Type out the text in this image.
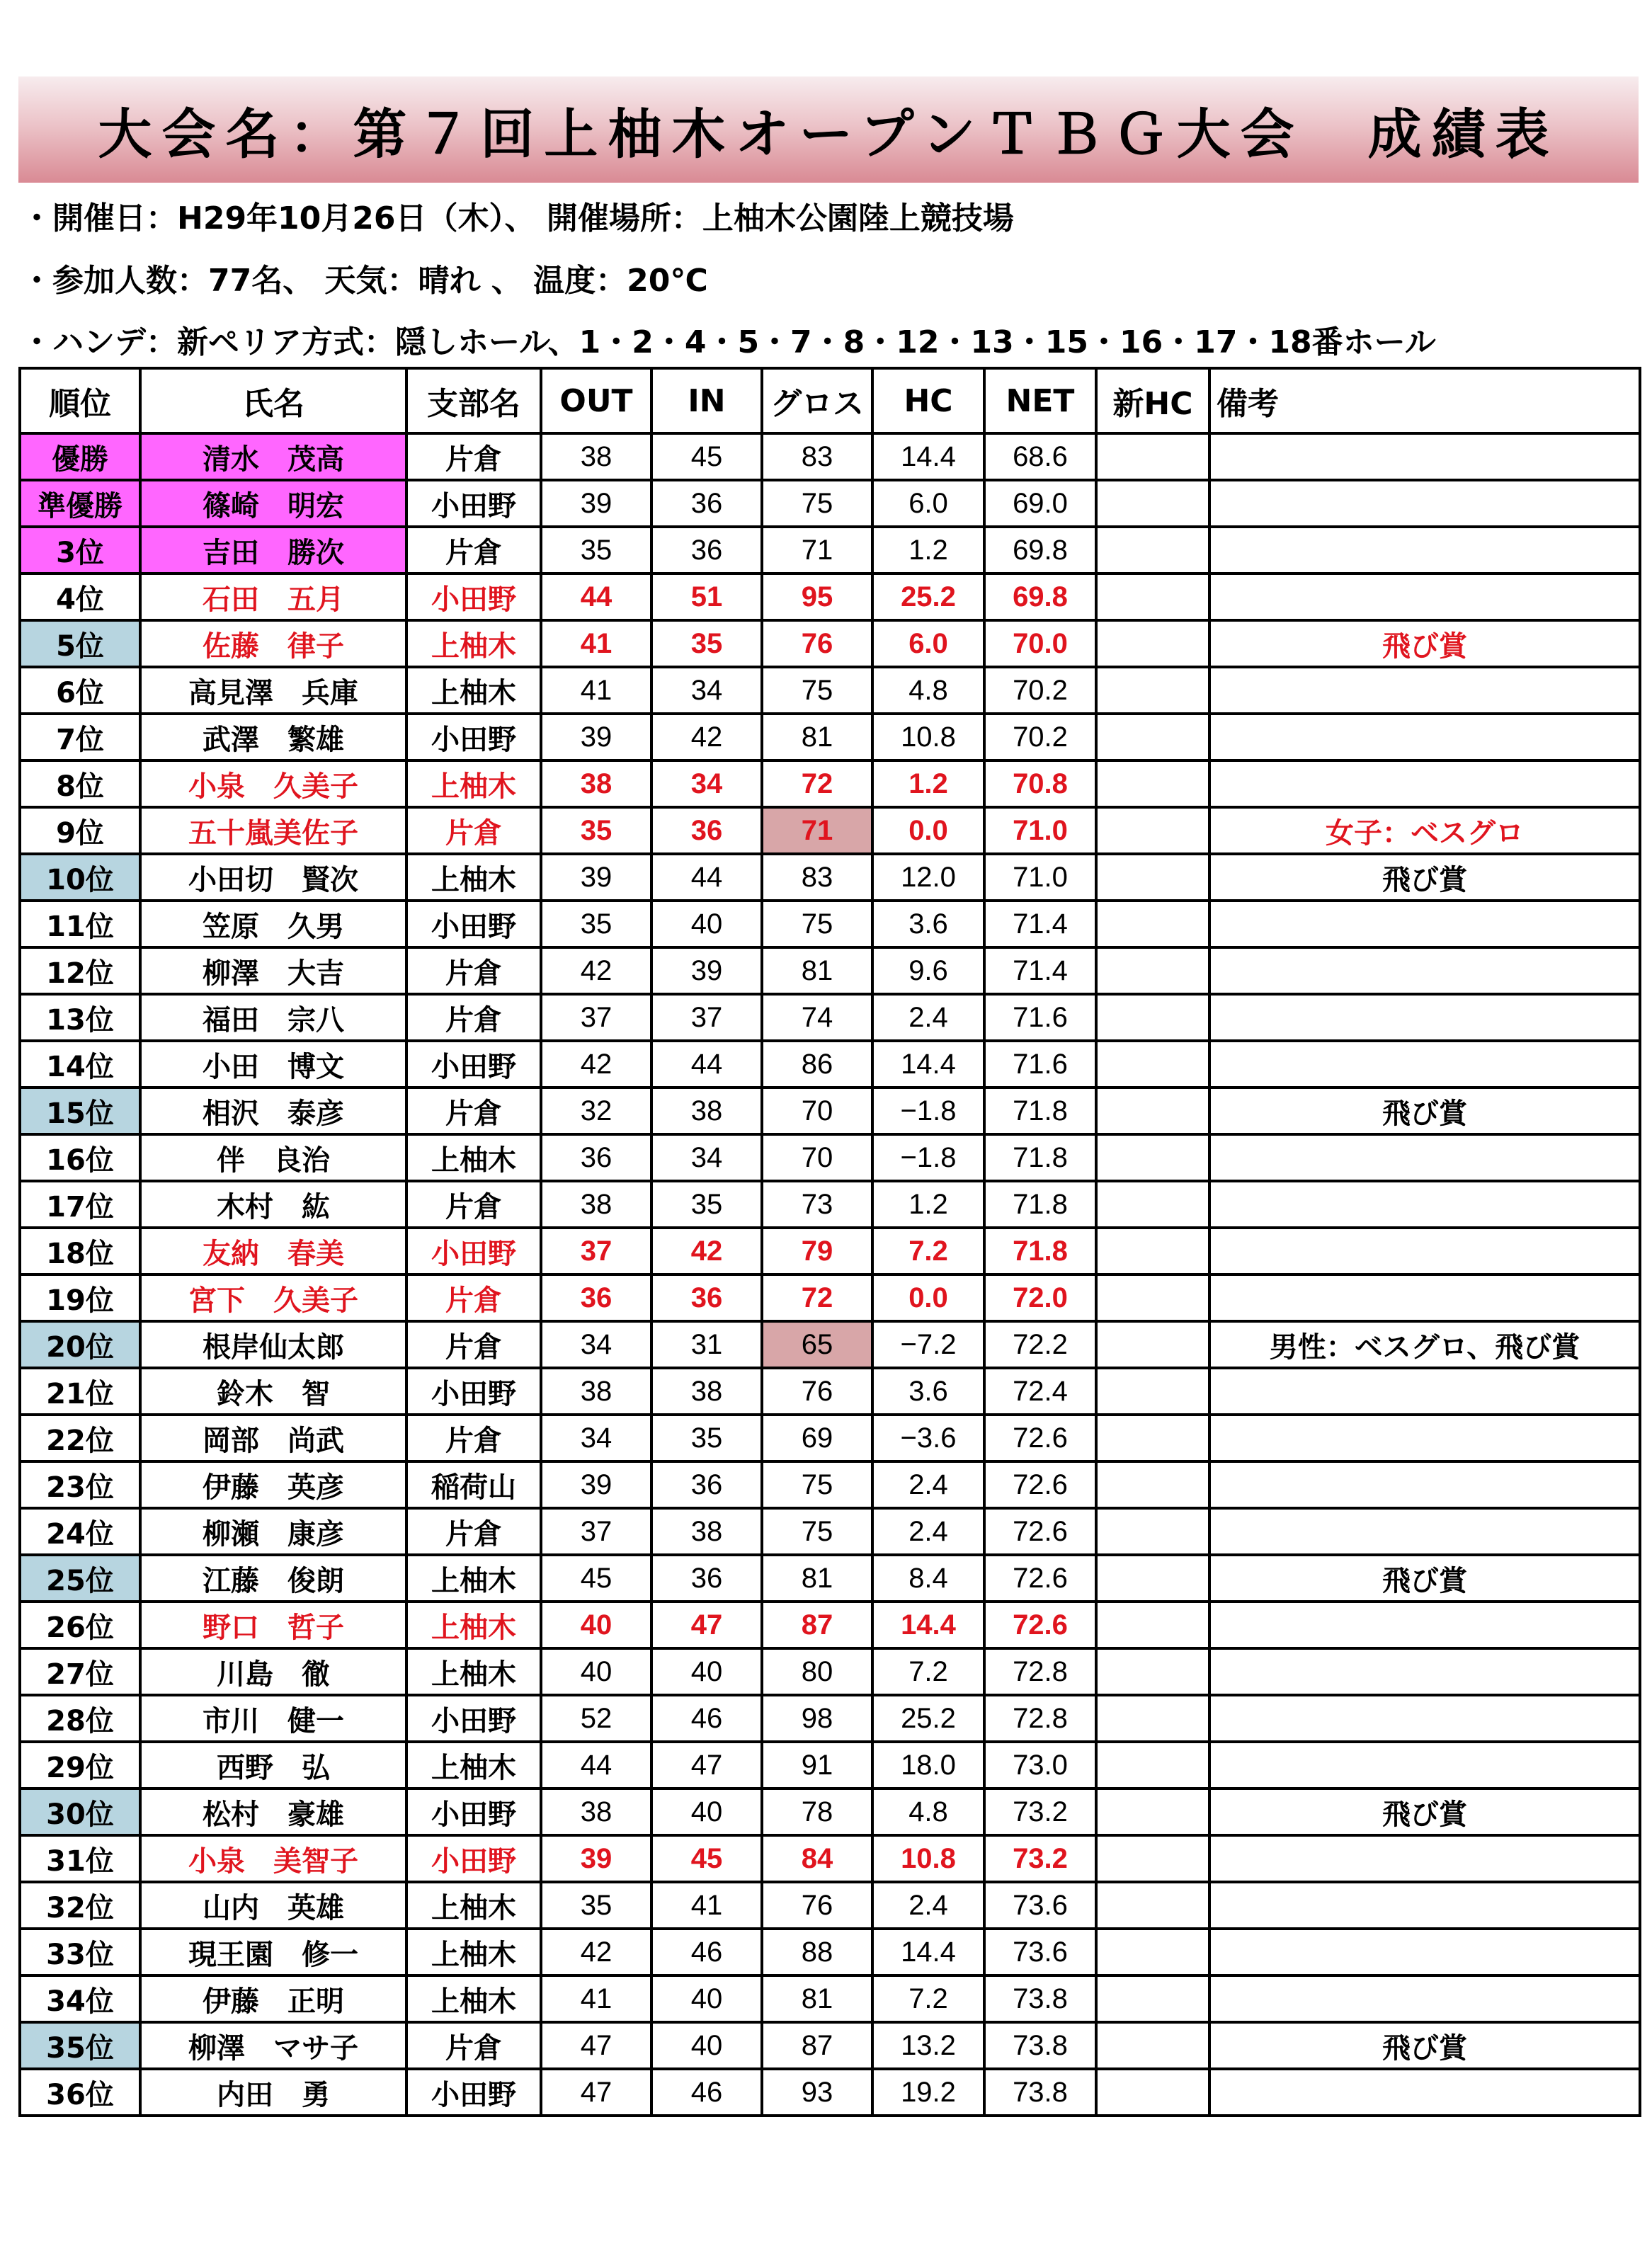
大会名：第７回上柚木オープンＴＢＧ大会　成績表
・開催日：H29年10月26日（木）、 開催場所：上柚木公園陸上競技場
・参加人数：77名、 天気：晴れ 、 温度：20℃
・ハンデ：新ペリア方式：隠しホール、1・2・4・5・7・8・12・13・15・16・17・18番ホール
順位	氏名	支部名	OUT	IN	グロス	HC	NET	新HC	備考
優勝	清水　茂高	片倉	38	45	83	14.4	68.6		
準優勝	篠崎　明宏	小田野	39	36	75	6.0	69.0		
3位	吉田　勝次	片倉	35	36	71	1.2	69.8		
4位	石田　五月	小田野	44	51	95	25.2	69.8		
5位	佐藤　律子	上柚木	41	35	76	6.0	70.0		飛び賞
6位	高見澤　兵庫	上柚木	41	34	75	4.8	70.2		
7位	武澤　繁雄	小田野	39	42	81	10.8	70.2		
8位	小泉　久美子	上柚木	38	34	72	1.2	70.8		
9位	五十嵐美佐子	片倉	35	36	71	0.0	71.0		女子：ベスグロ
10位	小田切　賢次	上柚木	39	44	83	12.0	71.0		飛び賞
11位	笠原　久男	小田野	35	40	75	3.6	71.4		
12位	柳澤　大吉	片倉	42	39	81	9.6	71.4		
13位	福田　宗八	片倉	37	37	74	2.4	71.6		
14位	小田　博文	小田野	42	44	86	14.4	71.6		
15位	相沢　泰彦	片倉	32	38	70	−1.8	71.8		飛び賞
16位	伴　良治	上柚木	36	34	70	−1.8	71.8		
17位	木村　紘	片倉	38	35	73	1.2	71.8		
18位	友納　春美	小田野	37	42	79	7.2	71.8		
19位	宮下　久美子	片倉	36	36	72	0.0	72.0		
20位	根岸仙太郎	片倉	34	31	65	−7.2	72.2		男性：ベスグロ、飛び賞
21位	鈴木　智	小田野	38	38	76	3.6	72.4		
22位	岡部　尚武	片倉	34	35	69	−3.6	72.6		
23位	伊藤　英彦	稲荷山	39	36	75	2.4	72.6		
24位	柳瀬　康彦	片倉	37	38	75	2.4	72.6		
25位	江藤　俊朗	上柚木	45	36	81	8.4	72.6		飛び賞
26位	野口　哲子	上柚木	40	47	87	14.4	72.6		
27位	川島　徹	上柚木	40	40	80	7.2	72.8		
28位	市川　健一	小田野	52	46	98	25.2	72.8		
29位	西野　弘	上柚木	44	47	91	18.0	73.0		
30位	松村　豪雄	小田野	38	40	78	4.8	73.2		飛び賞
31位	小泉　美智子	小田野	39	45	84	10.8	73.2		
32位	山内　英雄	上柚木	35	41	76	2.4	73.6		
33位	現王園　修一	上柚木	42	46	88	14.4	73.6		
34位	伊藤　正明	上柚木	41	40	81	7.2	73.8		
35位	柳澤　マサ子	片倉	47	40	87	13.2	73.8		飛び賞
36位	内田　勇	小田野	47	46	93	19.2	73.8		
